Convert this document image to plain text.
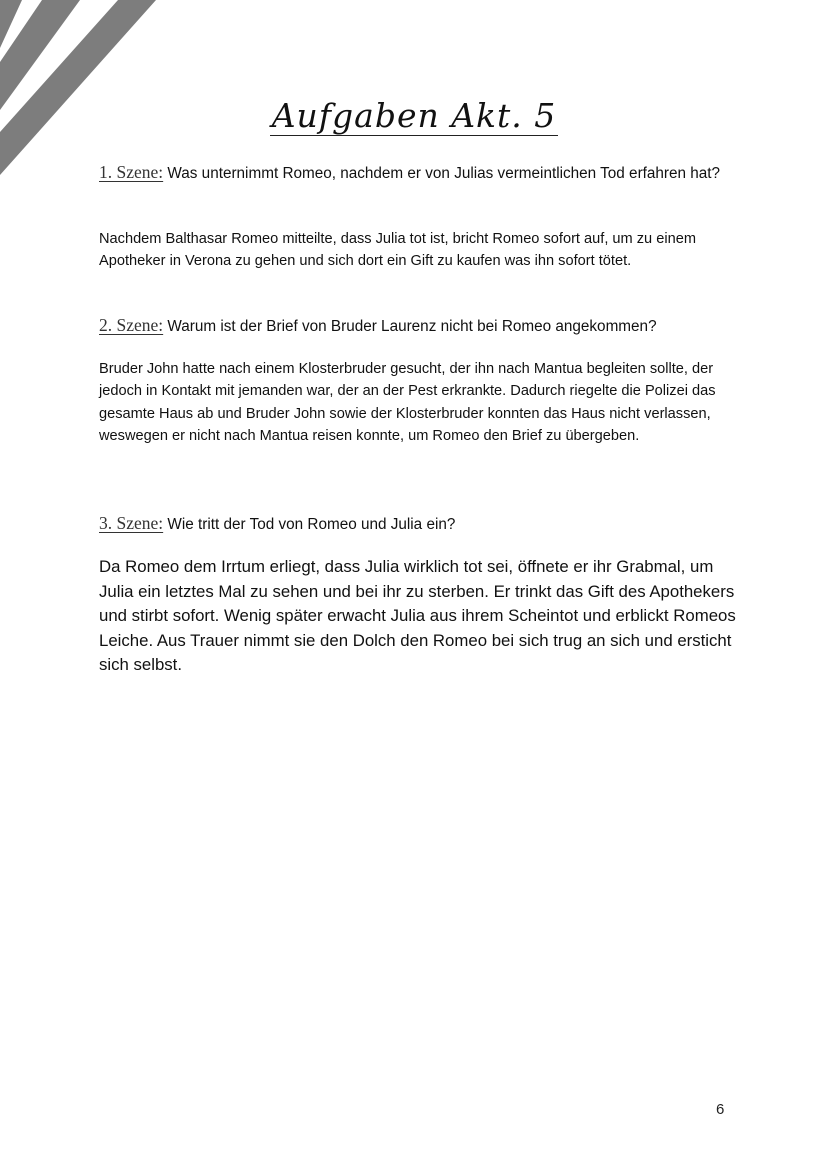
Aufgaben Akt. 5

1. Szene: Was unternimmt Romeo, nachdem er von Julias vermeintlichen Tod erfahren hat?

Nachdem Balthasar Romeo mitteilte, dass Julia tot ist, bricht Romeo sofort auf, um zu einem Apotheker in Verona zu gehen und sich dort ein Gift zu kaufen was ihn sofort tötet.

2. Szene: Warum ist der Brief von Bruder Laurenz nicht bei Romeo angekommen?

Bruder John hatte nach einem Klosterbruder gesucht, der ihn nach Mantua begleiten sollte, der jedoch in Kontakt mit jemanden war, der an der Pest erkrankte. Dadurch riegelte die Polizei das gesamte Haus ab und Bruder John sowie der Klosterbruder konnten das Haus nicht verlassen, weswegen er nicht nach Mantua reisen konnte, um Romeo den Brief zu übergeben.

3. Szene: Wie tritt der Tod von Romeo und Julia ein?

Da Romeo dem Irrtum erliegt, dass Julia wirklich tot sei, öffnete er ihr Grabmal, um Julia ein letztes Mal zu sehen und bei ihr zu sterben. Er trinkt das Gift des Apothekers und stirbt sofort. Wenig später erwacht Julia aus ihrem Scheintot und erblickt Romeos Leiche. Aus Trauer nimmt sie den Dolch den Romeo bei sich trug an sich und ersticht sich selbst.

6
